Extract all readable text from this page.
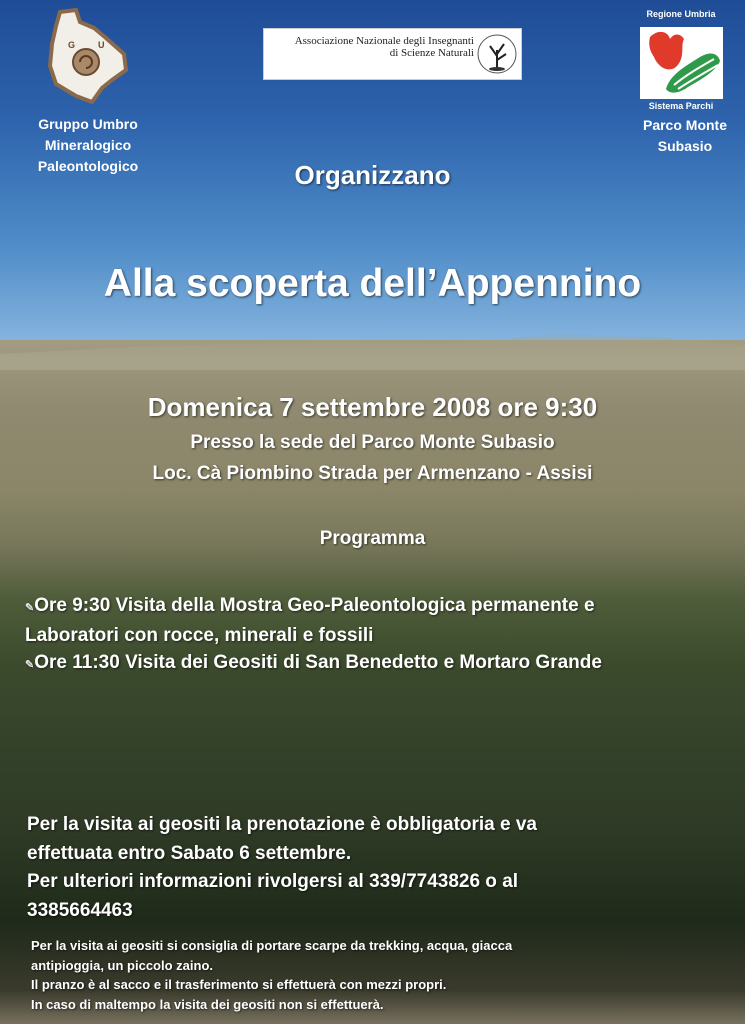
G	U
Gruppo Umbro
Mineralogico
Paleontologico
Associazione Nazionale degli Insegnanti
di Scienze Naturali
Regione Umbria
Sistema Parchi
Parco Monte
Subasio
Organizzano
Alla scoperta dell’Appennino
Domenica 7 settembre 2008 ore 9:30
Presso la sede del Parco Monte Subasio
Loc. Cà Piombino Strada per Armenzano - Assisi
Programma
✎Ore 9:30 Visita della Mostra Geo-Paleontologica permanente e
Laboratori con rocce, minerali e fossili
✎Ore 11:30 Visita dei Geositi di San Benedetto e Mortaro Grande
Per la visita ai geositi la prenotazione è obbligatoria e va
effettuata entro Sabato 6 settembre.
Per ulteriori informazioni rivolgersi al 339/7743826 o al
3385664463
Per la visita ai geositi si consiglia di portare scarpe da trekking, acqua, giacca
antipioggia, un piccolo zaino.
Il pranzo è al sacco e il trasferimento si effettuerà con mezzi propri.
In caso di maltempo la visita dei geositi non si effettuerà.
